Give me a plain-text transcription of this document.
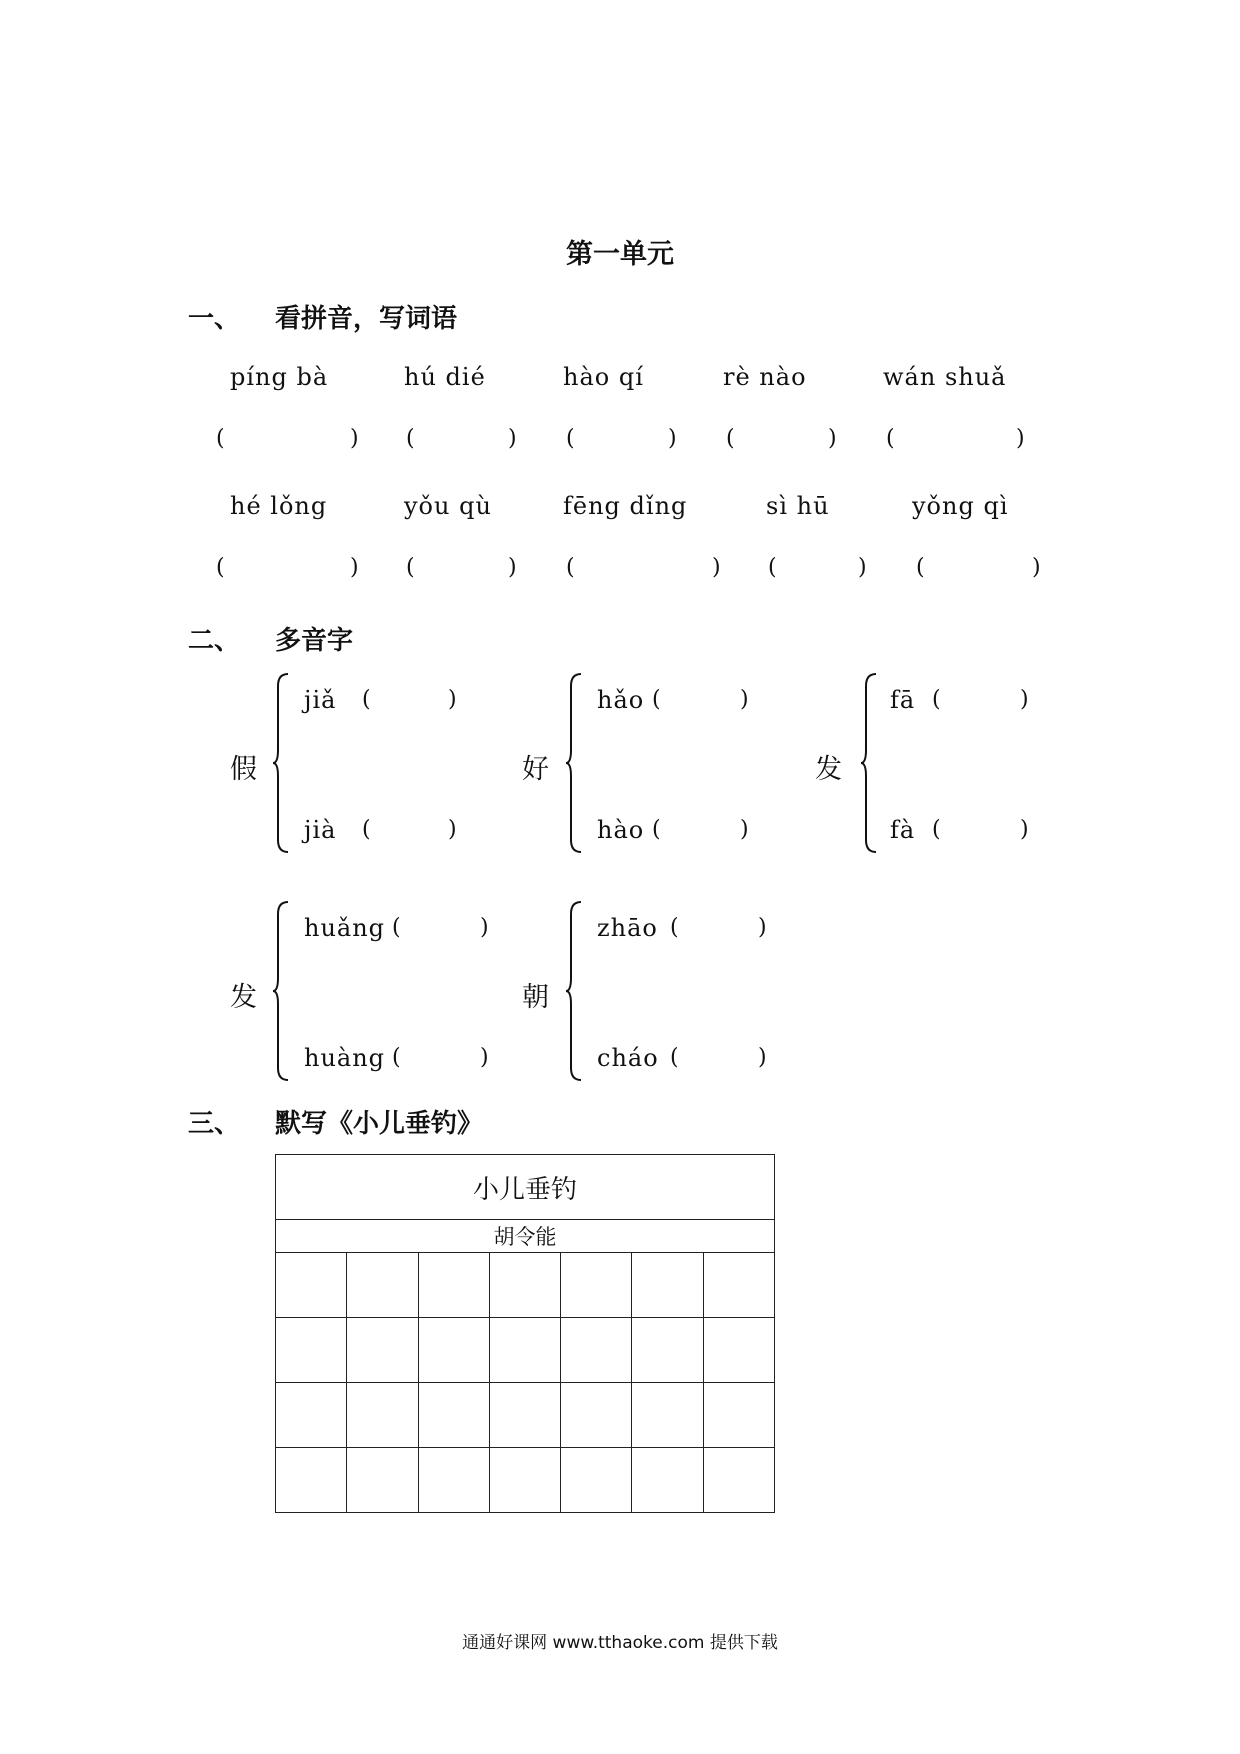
第一单元
一、 看拼音，写词语
píng bà	hú dié	hào qí	rè nào	wán shuǎ
(	) (	) (	) (	) (	)
hé lǒng	yǒu qù	fēng dǐng	sì hū	yǒng qì
(	) (	) (	) (	) (	)
二、 多音字
假
jiǎ (	)
jià (	)
好
hǎo (	)
hào (	)
发
fā (	)
fà (	)
发
huǎng (	)
huàng (	)
朝
zhāo (	)
cháo (	)
三、 默写《小儿垂钓》
小儿垂钓						
胡令能						

通通好课网 www.tthaoke.com 提供下载
